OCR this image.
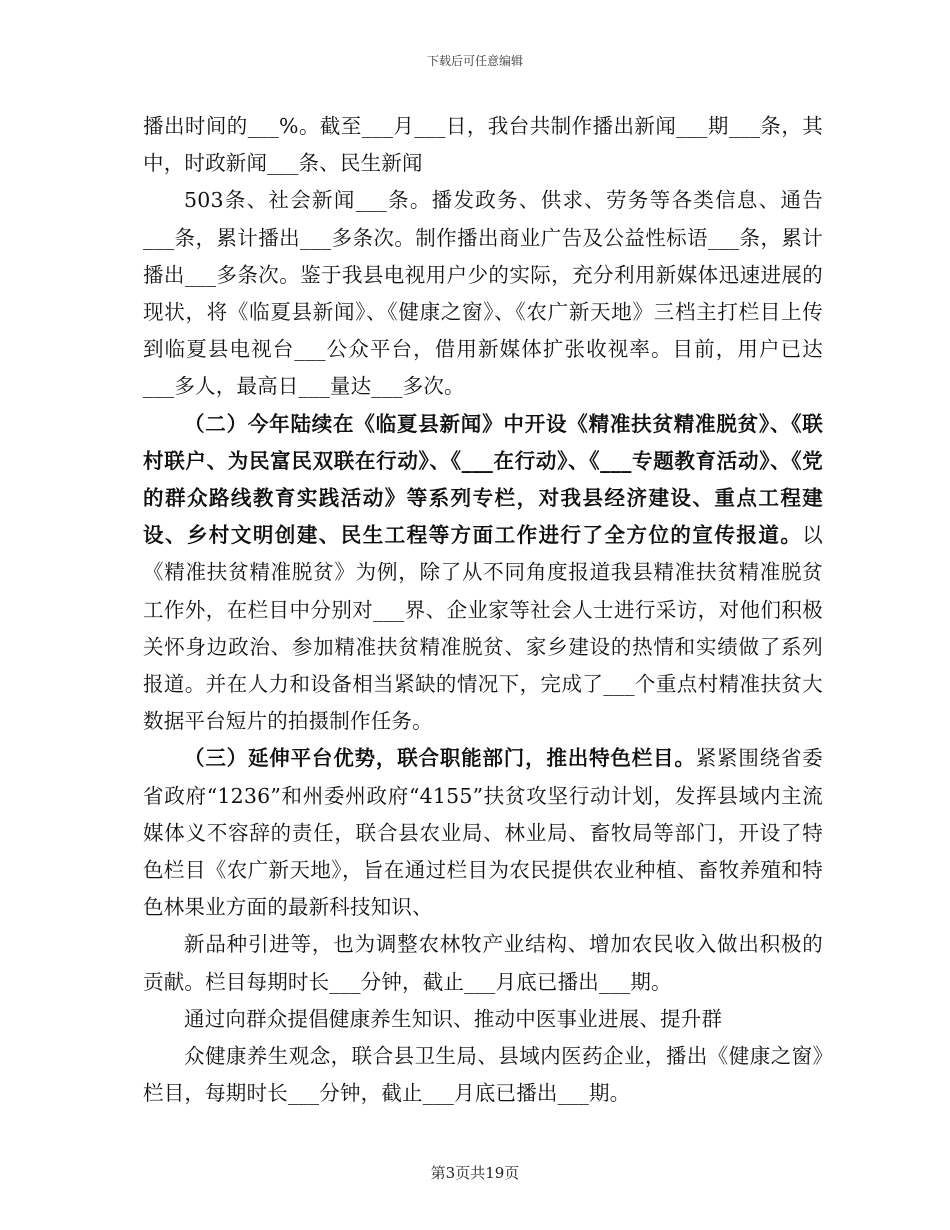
下载后可任意编辑

播出时间的___%。截至___月___日，我台共制作播出新闻___期___条，其中，时政新闻___条、民生新闻

503条、社会新闻___条。播发政务、供求、劳务等各类信息、通告___条，累计播出___多条次。制作播出商业广告及公益性标语___条，累计播出___多条次。鉴于我县电视用户少的实际，充分利用新媒体迅速进展的现状，将《临夏县新闻》、《健康之窗》、《农广新天地》三档主打栏目上传到临夏县电视台___公众平台，借用新媒体扩张收视率。目前，用户已达___多人，最高日___量达___多次。

（二）今年陆续在《临夏县新闻》中开设《精准扶贫精准脱贫》、《联村联户、为民富民双联在行动》、《___在行动》、《___专题教育活动》、《党的群众路线教育实践活动》等系列专栏，对我县经济建设、重点工程建设、乡村文明创建、民生工程等方面工作进行了全方位的宣传报道。以《精准扶贫精准脱贫》为例，除了从不同角度报道我县精准扶贫精准脱贫工作外，在栏目中分别对___界、企业家等社会人士进行采访，对他们积极关怀身边政治、参加精准扶贫精准脱贫、家乡建设的热情和实绩做了系列报道。并在人力和设备相当紧缺的情况下，完成了___个重点村精准扶贫大数据平台短片的拍摄制作任务。

（三）延伸平台优势，联合职能部门，推出特色栏目。紧紧围绕省委省政府“1236”和州委州政府“4155”扶贫攻坚行动计划，发挥县域内主流媒体义不容辞的责任，联合县农业局、林业局、畜牧局等部门，开设了特色栏目《农广新天地》，旨在通过栏目为农民提供农业种植、畜牧养殖和特色林果业方面的最新科技知识、

新品种引进等，也为调整农林牧产业结构、增加农民收入做出积极的贡献。栏目每期时长___分钟，截止___月底已播出___期。

通过向群众提倡健康养生知识、推动中医事业进展、提升群

众健康养生观念，联合县卫生局、县域内医药企业，播出《健康之窗》栏目，每期时长___分钟，截止___月底已播出___期。

第3页共19页
